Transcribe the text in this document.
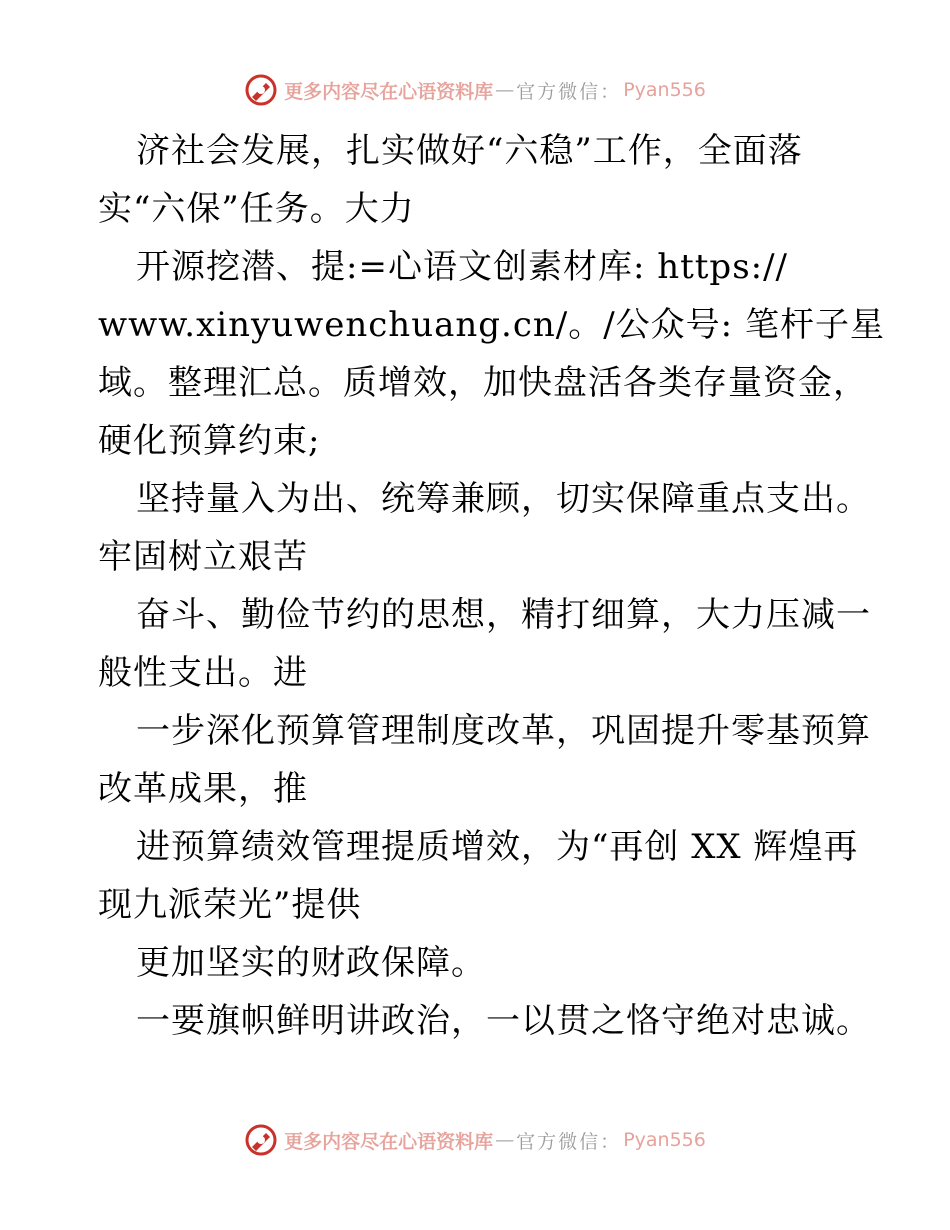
更多内容尽在心语资料库 — 官方微信： Pyan556
济社会发展，扎实做好“六稳”工作，全面落
实“六保”任务。大力
开源挖潜、提:=心语文创素材库: https://
www.xinyuwenchuang.cn/。/公众号: 笔杆子星
域。整理汇总。质增效，加快盘活各类存量资金，
硬化预算约束;
坚持量入为出、统筹兼顾，切实保障重点支出。
牢固树立艰苦
奋斗、勤俭节约的思想，精打细算，大力压减一
般性支出。进
一步深化预算管理制度改革，巩固提升零基预算
改革成果，推
进预算绩效管理提质增效，为“再创 XX 辉煌再
现九派荣光”提供
更加坚实的财政保障。
一要旗帜鲜明讲政治，一以贯之恪守绝对忠诚。
更多内容尽在心语资料库 — 官方微信： Pyan556
